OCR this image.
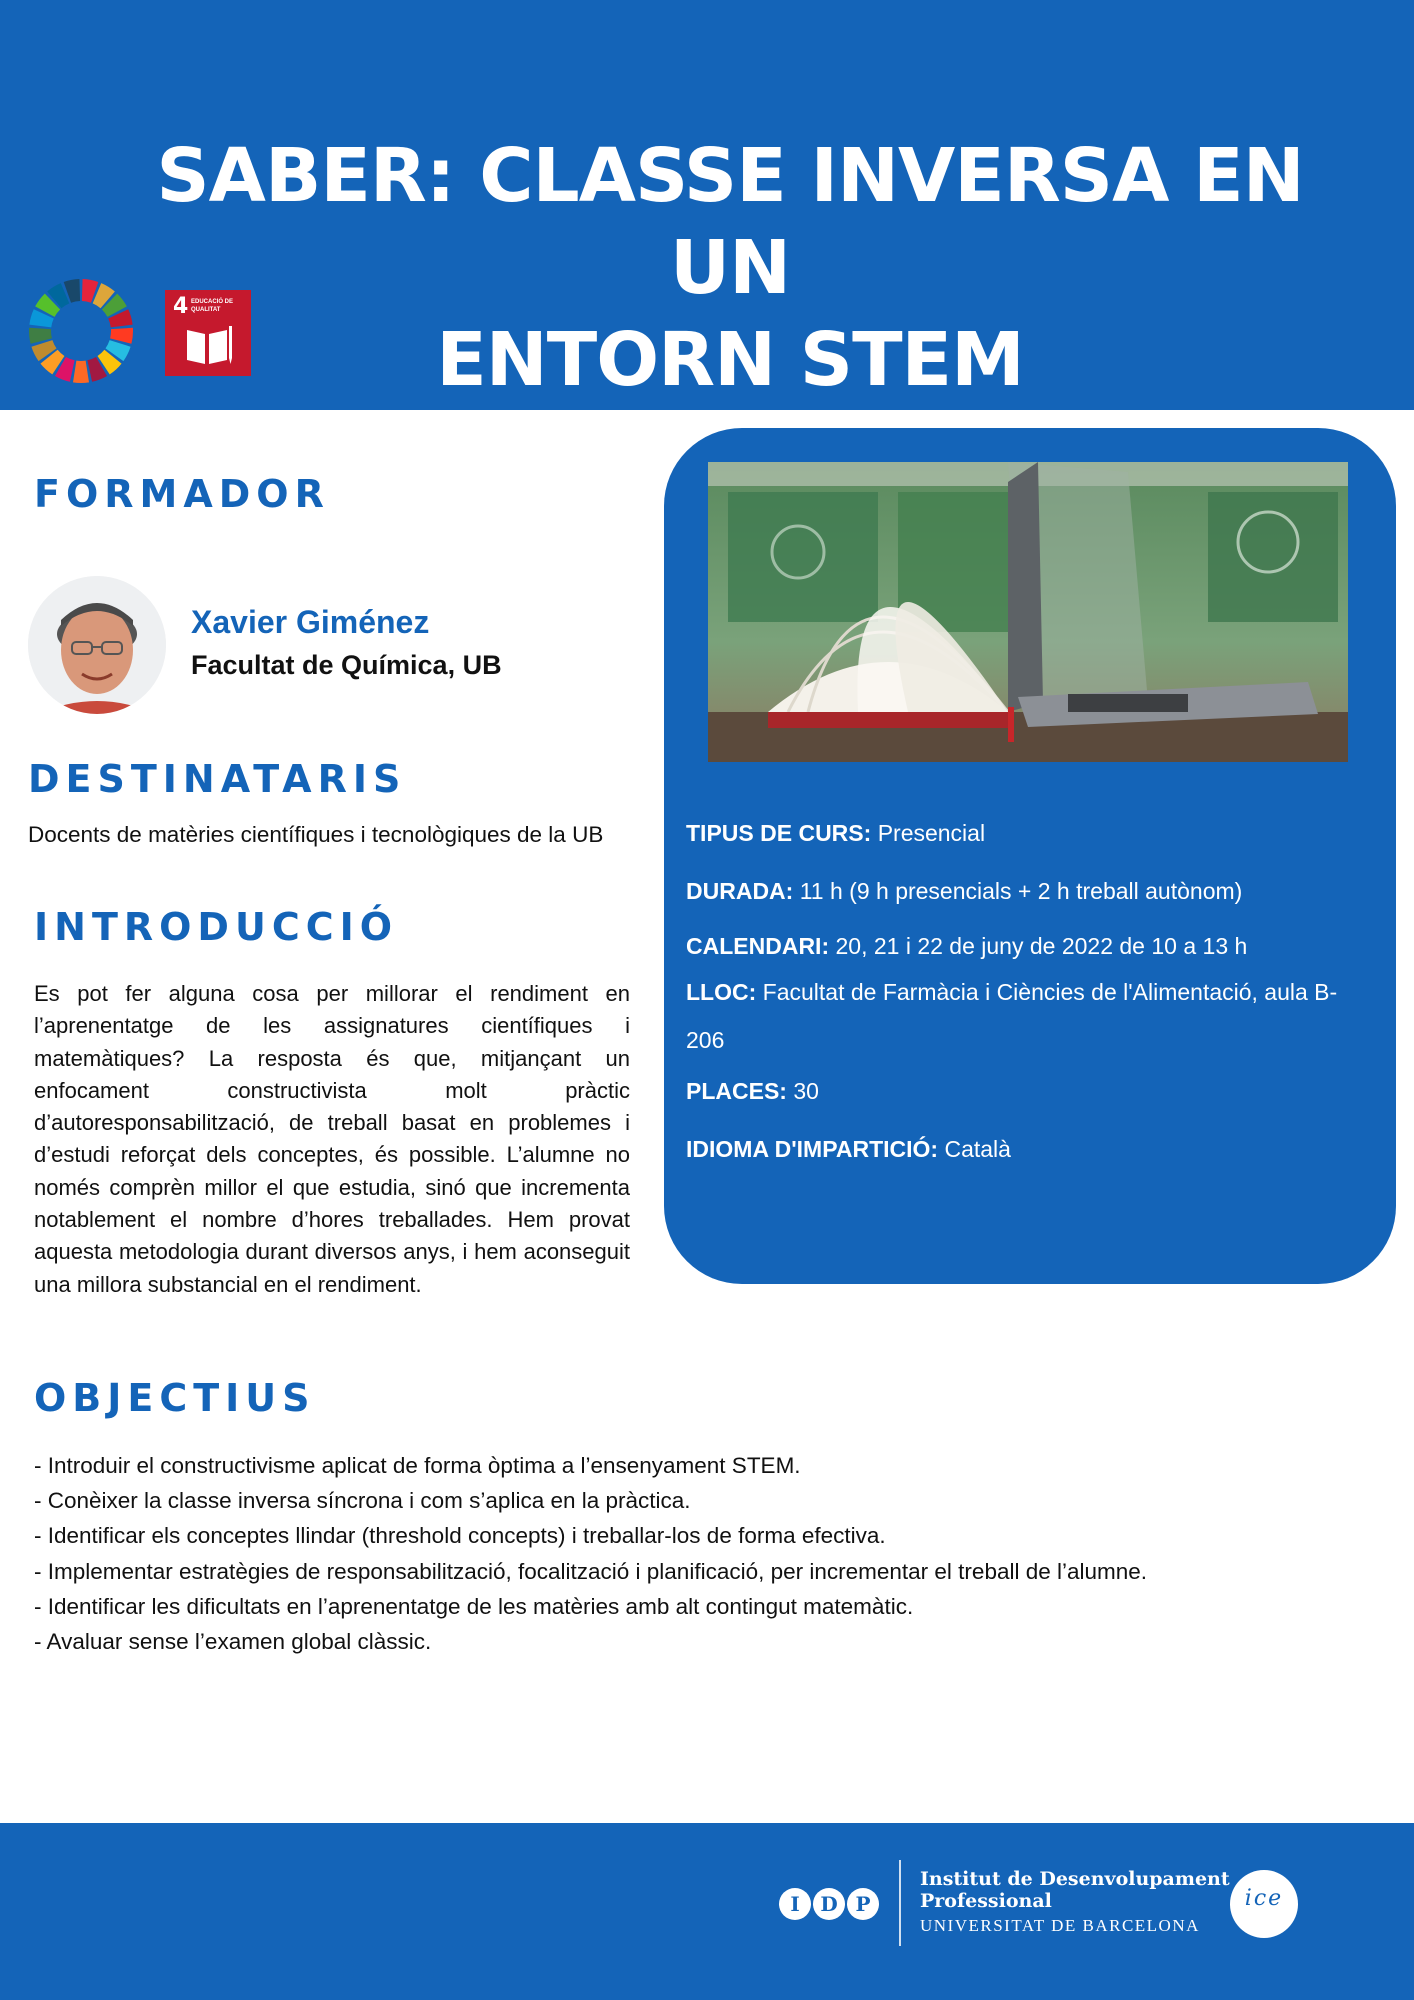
SABER: CLASSE INVERSA EN UN
ENTORN STEM
4 EDUCACIÓ DE QUALITAT
FORMADOR
Xavier Giménez
Facultat de Química, UB
DESTINATARIS
Docents de matèries científiques i tecnològiques de la UB
INTRODUCCIÓ
Es pot fer alguna cosa per millorar el rendiment en l’aprenentatge de les assignatures científiques i matemàtiques? La resposta és que, mitjançant un enfocament constructivista molt pràctic d’autoresponsabilització, de treball basat en problemes i d’estudi reforçat dels conceptes, és possible. L’alumne no només comprèn millor el que estudia, sinó que incrementa notablement el nombre d’hores treballades. Hem provat aquesta metodologia durant diversos anys, i hem aconseguit una millora substancial en el rendiment.
TIPUS DE CURS: Presencial
DURADA: 11 h (9 h presencials + 2 h treball autònom)
CALENDARI: 20, 21 i 22 de juny de 2022 de 10 a 13 h
LLOC: Facultat de Farmàcia i Ciències de l'Alimentació, aula B-
206
PLACES: 30
IDIOMA D'IMPARTICIÓ: Català
OBJECTIUS
- Introduir el constructivisme aplicat de forma òptima a l’ensenyament STEM.
- Conèixer la classe inversa síncrona i com s’aplica en la pràctica.
- Identificar els conceptes llindar (threshold concepts) i treballar-los de forma efectiva.
- Implementar estratègies de responsabilització, focalització i planificació, per incrementar el treball de l’alumne.
- Identificar les dificultats en l’aprenentatge de les matèries amb alt contingut matemàtic.
- Avaluar sense l’examen global clàssic.
I	D P
Institut de Desenvolupament
Professional
UNIVERSITAT DE BARCELONA
ice
